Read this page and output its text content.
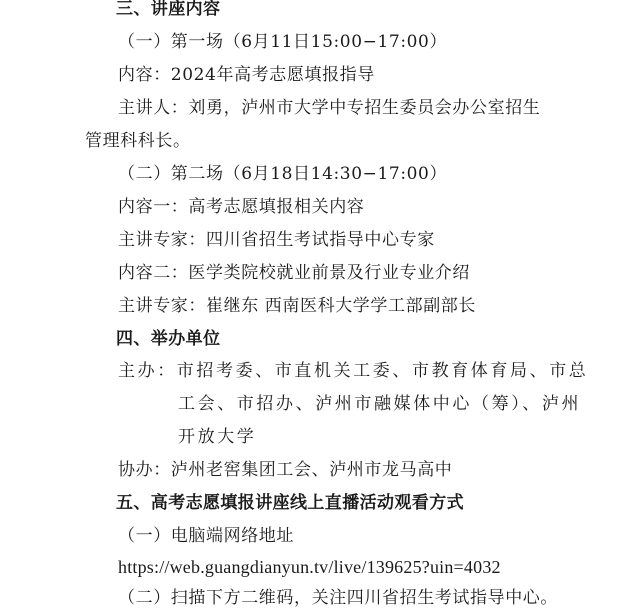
三、讲座内容
（一）第一场（6月11日15:00−17:00）
内容：2024年高考志愿填报指导
主讲人：刘勇，泸州市大学中专招生委员会办公室招生
管理科科长。
（二）第二场（6月18日14:30−17:00）
内容一：高考志愿填报相关内容
主讲专家：四川省招生考试指导中心专家
内容二：医学类院校就业前景及行业专业介绍
主讲专家：崔继东 西南医科大学学工部副部长
四、举办单位
主办：市招考委、市直机关工委、市教育体育局、市总
工会、市招办、泸州市融媒体中心（筹）、泸州
开放大学
协办：泸州老窖集团工会、泸州市龙马高中
五、高考志愿填报讲座线上直播活动观看方式
（一）电脑端网络地址
https://web.guangdianyun.tv/live/139625?uin=4032
（二）扫描下方二维码，关注四川省招生考试指导中心。
